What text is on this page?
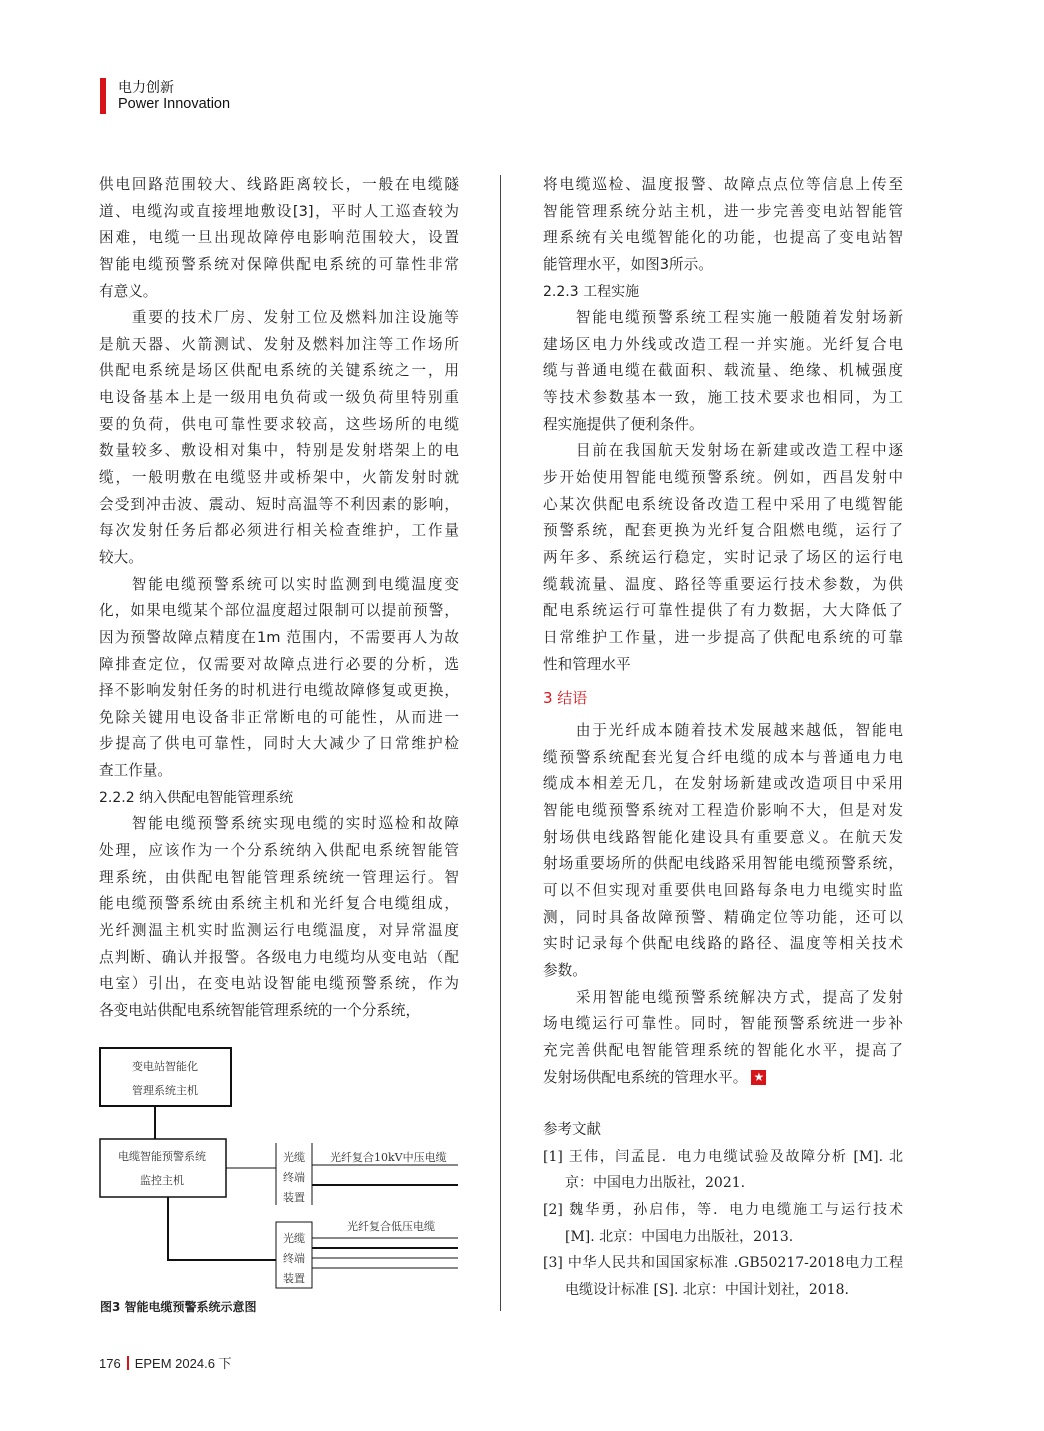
电力创新
Power Innovation
供电回路范围较大、线路距离较长，一般在电缆隧
道、电缆沟或直接埋地敷设[3]，平时人工巡查较为
困难，电缆一旦出现故障停电影响范围较大，设置
智能电缆预警系统对保障供配电系统的可靠性非常
有意义。
　　重要的技术厂房、发射工位及燃料加注设施等
是航天器、火箭测试、发射及燃料加注等工作场所
供配电系统是场区供配电系统的关键系统之一，用
电设备基本上是一级用电负荷或一级负荷里特别重
要的负荷，供电可靠性要求较高，这些场所的电缆
数量较多、敷设相对集中，特别是发射塔架上的电
缆，一般明敷在电缆竖井或桥架中，火箭发射时就
会受到冲击波、震动、短时高温等不利因素的影响，
每次发射任务后都必须进行相关检查维护，工作量
较大。
　　智能电缆预警系统可以实时监测到电缆温度变
化，如果电缆某个部位温度超过限制可以提前预警，
因为预警故障点精度在1m 范围内，不需要再人为故
障排查定位，仅需要对故障点进行必要的分析，选
择不影响发射任务的时机进行电缆故障修复或更换，
免除关键用电设备非正常断电的可能性，从而进一
步提高了供电可靠性，同时大大减少了日常维护检
查工作量。
2.2.2 纳入供配电智能管理系统
　　智能电缆预警系统实现电缆的实时巡检和故障
处理，应该作为一个分系统纳入供配电系统智能管
理系统，由供配电智能管理系统统一管理运行。智
能电缆预警系统由系统主机和光纤复合电缆组成，
光纤测温主机实时监测运行电缆温度，对异常温度
点判断、确认并报警。各级电力电缆均从变电站（配
电室）引出，在变电站设智能电缆预警系统，作为
各变电站供配电系统智能管理系统的一个分系统，
将电缆巡检、温度报警、故障点点位等信息上传至
智能管理系统分站主机，进一步完善变电站智能管
理系统有关电缆智能化的功能，也提高了变电站智
能管理水平，如图3所示。
2.2.3 工程实施
　　智能电缆预警系统工程实施一般随着发射场新
建场区电力外线或改造工程一并实施。光纤复合电
缆与普通电缆在截面积、载流量、绝缘、机械强度
等技术参数基本一致，施工技术要求也相同，为工
程实施提供了便利条件。
　　目前在我国航天发射场在新建或改造工程中逐
步开始使用智能电缆预警系统。例如，西昌发射中
心某次供配电系统设备改造工程中采用了电缆智能
预警系统，配套更换为光纤复合阻燃电缆，运行了
两年多、系统运行稳定，实时记录了场区的运行电
缆载流量、温度、路径等重要运行技术参数，为供
配电系统运行可靠性提供了有力数据，大大降低了
日常维护工作量，进一步提高了供配电系统的可靠
性和管理水平
3 结语
　　由于光纤成本随着技术发展越来越低，智能电
缆预警系统配套光复合纤电缆的成本与普通电力电
缆成本相差无几，在发射场新建或改造项目中采用
智能电缆预警系统对工程造价影响不大，但是对发
射场供电线路智能化建设具有重要意义。在航天发
射场重要场所的供配电线路采用智能电缆预警系统，
可以不但实现对重要供电回路每条电力电缆实时监
测，同时具备故障预警、精确定位等功能，还可以
实时记录每个供配电线路的路径、温度等相关技术
参数。
　　采用智能电缆预警系统解决方式，提高了发射
场电缆运行可靠性。同时，智能预警系统进一步补
充完善供配电智能管理系统的智能化水平，提高了
发射场供配电系统的管理水平。 ★
参考文献
[1] 王伟，闫孟昆．电力电缆试验及故障分析 [M]. 北
京：中国电力出版社，2021.
[2] 魏华勇，孙启伟，等．电力电缆施工与运行技术
[M]. 北京：中国电力出版社，2013.
[3] 中华人民共和国国家标准 .GB50217-2018电力工程
电缆设计标准 [S]. 北京：中国计划社，2018.
变电站智能化
管理系统主机
电缆智能预警系统
监控主机
光缆
终端
装置
光缆
终端
装置
光纤复合10kV中压电缆
光纤复合低压电缆
图3 智能电缆预警系统示意图
176 EPEM 2024.6 下
